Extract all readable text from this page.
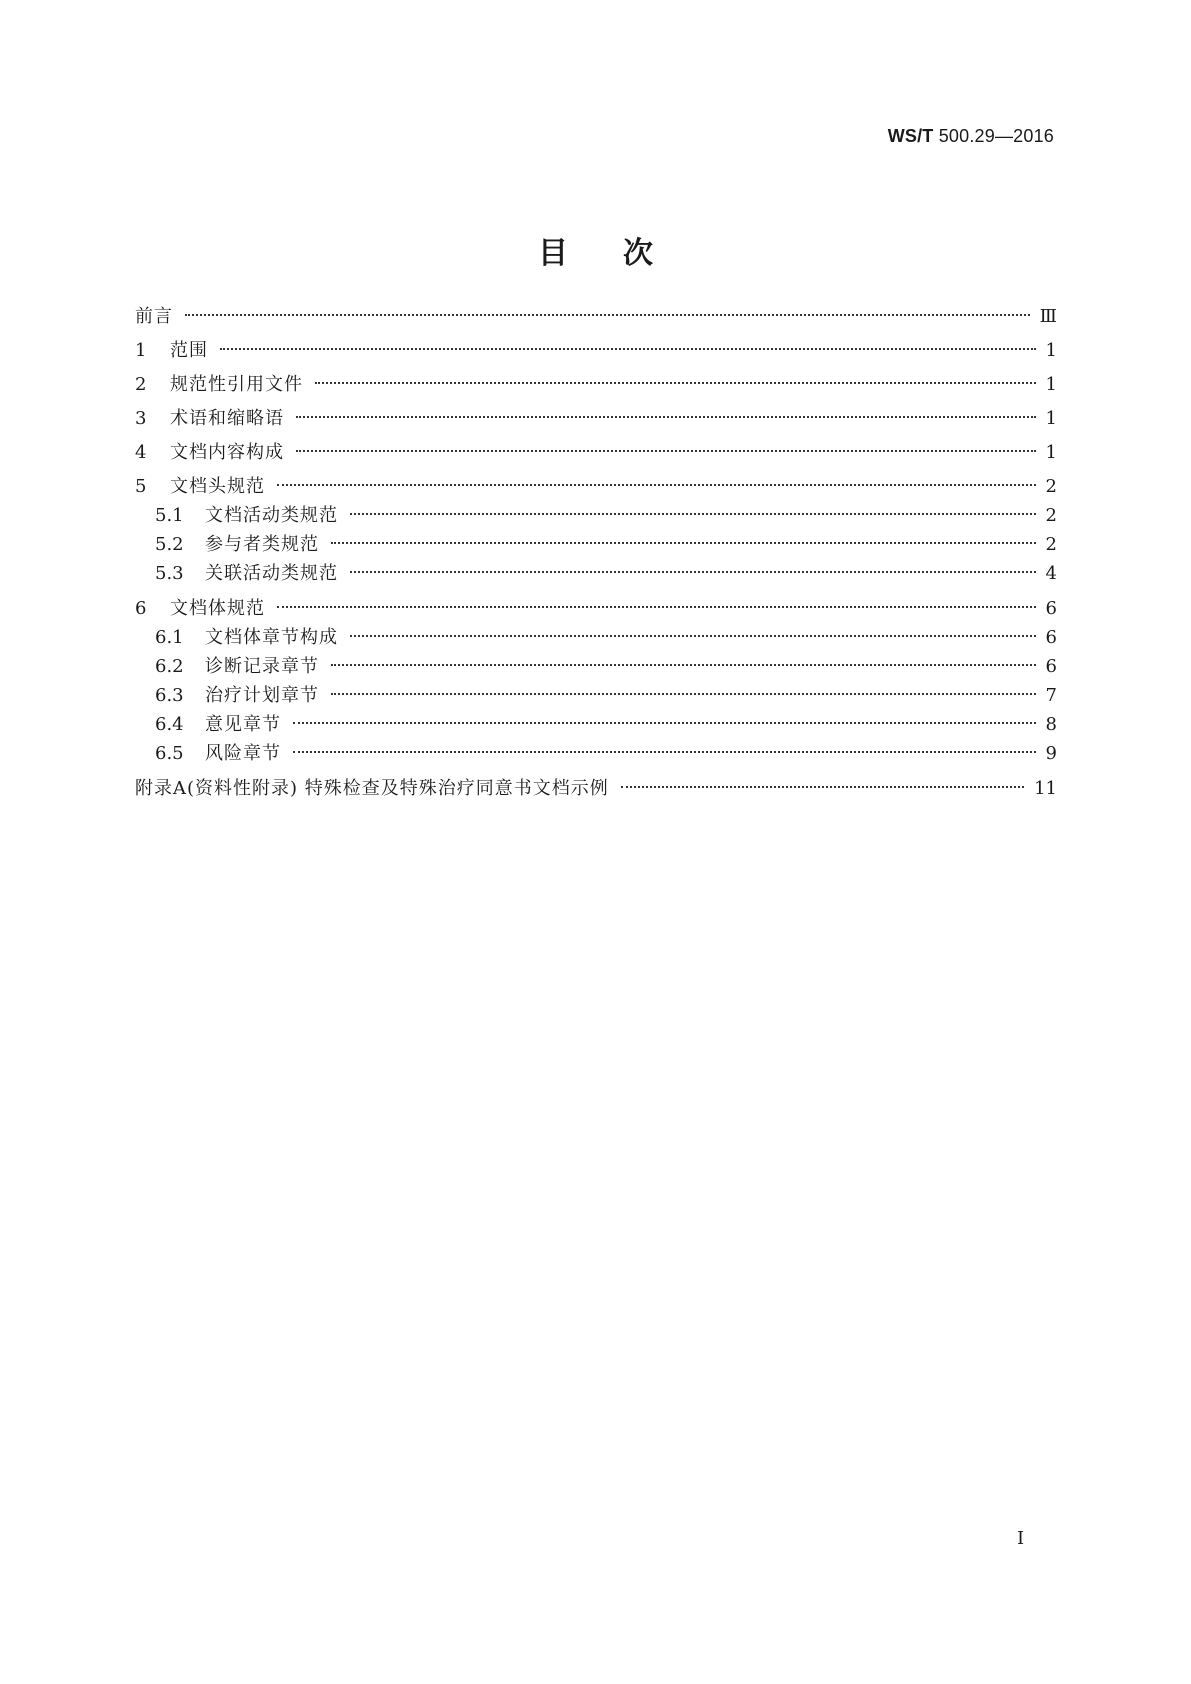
WS/T 500.29—2016
目次
前言	Ⅲ
1	范围	1
2	规范性引用文件	1
3	术语和缩略语	1
4	文档内容构成	1
5	文档头规范	2
5.1	文档活动类规范	2
5.2	参与者类规范	2
5.3	关联活动类规范	4
6	文档体规范	6
6.1	文档体章节构成	6
6.2	诊断记录章节	6
6.3	治疗计划章节	7
6.4	意见章节	8
6.5	风险章节	9
附录A(资料性附录) 特殊检查及特殊治疗同意书文档示例	11
I
